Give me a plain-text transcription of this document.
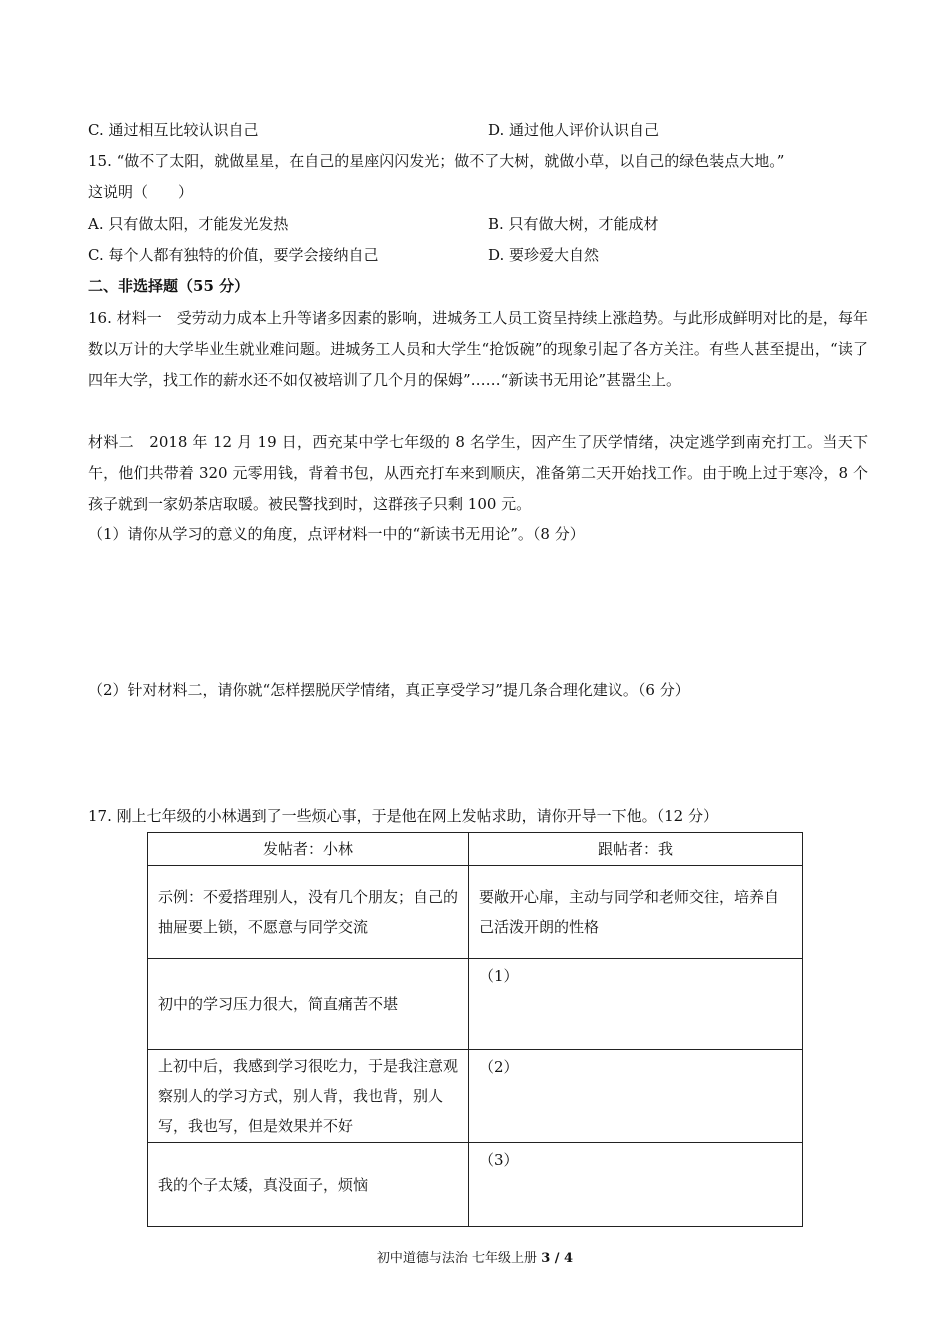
C. 通过相互比较认识自己	D. 通过他人评价认识自己
15. “做不了太阳，就做星星，在自己的星座闪闪发光；做不了大树，就做小草，以自己的绿色装点大地。”
这说明（　　）
A. 只有做太阳，才能发光发热	B. 只有做大树，才能成材
C. 每个人都有独特的价值，要学会接纳自己	D. 要珍爱大自然
二、非选择题（55 分）
16. 材料一　受劳动力成本上升等诸多因素的影响，进城务工人员工资呈持续上涨趋势。与此形成鲜明对比的是，每年数以万计的大学毕业生就业难问题。进城务工人员和大学生“抢饭碗”的现象引起了各方关注。有些人甚至提出，“读了四年大学，找工作的薪水还不如仅被培训了几个月的保姆”……“新读书无用论”甚嚣尘上。
材料二　2018 年 12 月 19 日，西充某中学七年级的 8 名学生，因产生了厌学情绪，决定逃学到南充打工。当天下午，他们共带着 320 元零用钱，背着书包，从西充打车来到顺庆，准备第二天开始找工作。由于晚上过于寒冷，8 个孩子就到一家奶茶店取暖。被民警找到时，这群孩子只剩 100 元。
（1）请你从学习的意义的角度，点评材料一中的“新读书无用论”。（8 分）
（2）针对材料二，请你就“怎样摆脱厌学情绪，真正享受学习”提几条合理化建议。（6 分）
17. 刚上七年级的小林遇到了一些烦心事，于是他在网上发帖求助，请你开导一下他。（12 分）
发帖者：小林	跟帖者：我
示例：不爱搭理别人，没有几个朋友；自己的抽屉要上锁，不愿意与同学交流	要敞开心扉，主动与同学和老师交往，培养自己活泼开朗的性格
初中的学习压力很大，简直痛苦不堪	（1）
上初中后，我感到学习很吃力，于是我注意观察别人的学习方式，别人背，我也背，别人写，我也写，但是效果并不好	（2）
我的个子太矮，真没面子，烦恼	（3）
初中道德与法治 七年级上册 3 / 4
